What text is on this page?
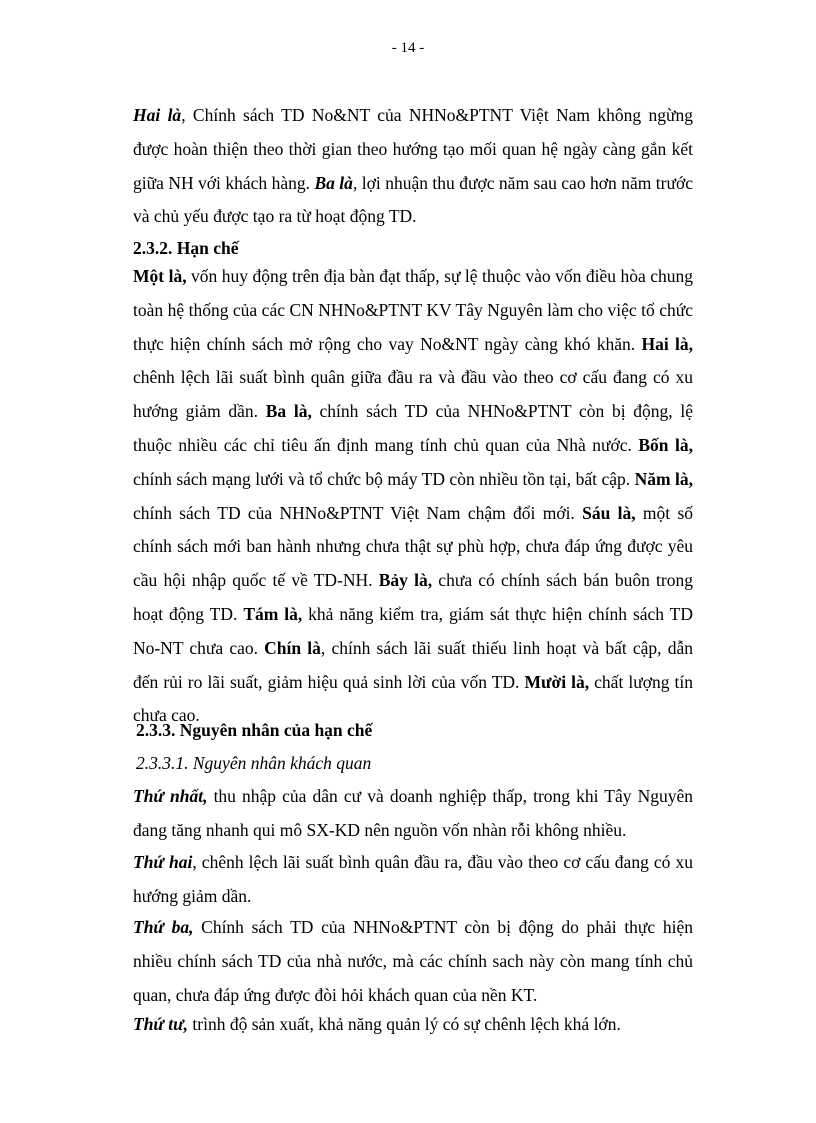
- 14 -
Hai là, Chính sách TD No&NT của NHNo&PTNT Việt Nam không ngừng được hoàn thiện theo thời gian theo hướng tạo mối quan hệ ngày càng gắn kết giữa NH với khách hàng. Ba là, lợi nhuận thu được năm sau cao hơn năm trước và chủ yếu được tạo ra từ hoạt động TD.
2.3.2. Hạn chế
Một là, vốn huy động trên địa bàn đạt thấp, sự lệ thuộc vào vốn điều hòa chung toàn hệ thống của các CN NHNo&PTNT KV Tây Nguyên làm cho việc tổ chức thực hiện chính sách mở rộng cho vay No&NT ngày càng khó khăn. Hai là, chênh lệch lãi suất bình quân giữa đầu ra và đầu vào theo cơ cấu đang có xu hướng giảm dần. Ba là, chính sách TD của NHNo&PTNT còn bị động, lệ thuộc nhiều các chỉ tiêu ấn định mang tính chủ quan của Nhà nước. Bốn là, chính sách mạng lưới và tổ chức bộ máy TD còn nhiều tồn tại, bất cập. Năm là, chính sách TD của NHNo&PTNT Việt Nam chậm đổi mới. Sáu là, một số chính sách mới ban hành nhưng chưa thật sự phù hợp, chưa đáp ứng được yêu cầu hội nhập quốc tế về TD-NH. Bảy là, chưa có chính sách bán buôn trong hoạt động TD. Tám là, khả năng kiểm tra, giám sát thực hiện chính sách TD No-NT chưa cao. Chín là, chính sách lãi suất thiếu linh hoạt và bất cập, dẫn đến rủi ro lãi suất, giảm hiệu quả sinh lời của vốn TD. Mười là, chất lượng tín chưa cao.
2.3.3. Nguyên nhân của hạn chế
2.3.3.1. Nguyên nhân khách quan
Thứ nhất, thu nhập của dân cư và doanh nghiệp thấp, trong khi Tây Nguyên đang tăng nhanh qui mô SX-KD nên nguồn vốn nhàn rỗi không nhiều.
Thứ hai, chênh lệch lãi suất bình quân đầu ra, đầu vào theo cơ cấu đang có xu hướng giảm dần.
Thứ ba, Chính sách TD của NHNo&PTNT còn bị động do phải thực hiện nhiều chính sách TD của nhà nước, mà các chính sach này còn mang tính chủ quan, chưa đáp ứng được đòi hỏi khách quan của nền KT.
Thứ tư, trình độ sản xuất, khả năng quản lý có sự chênh lệch khá lớn.
